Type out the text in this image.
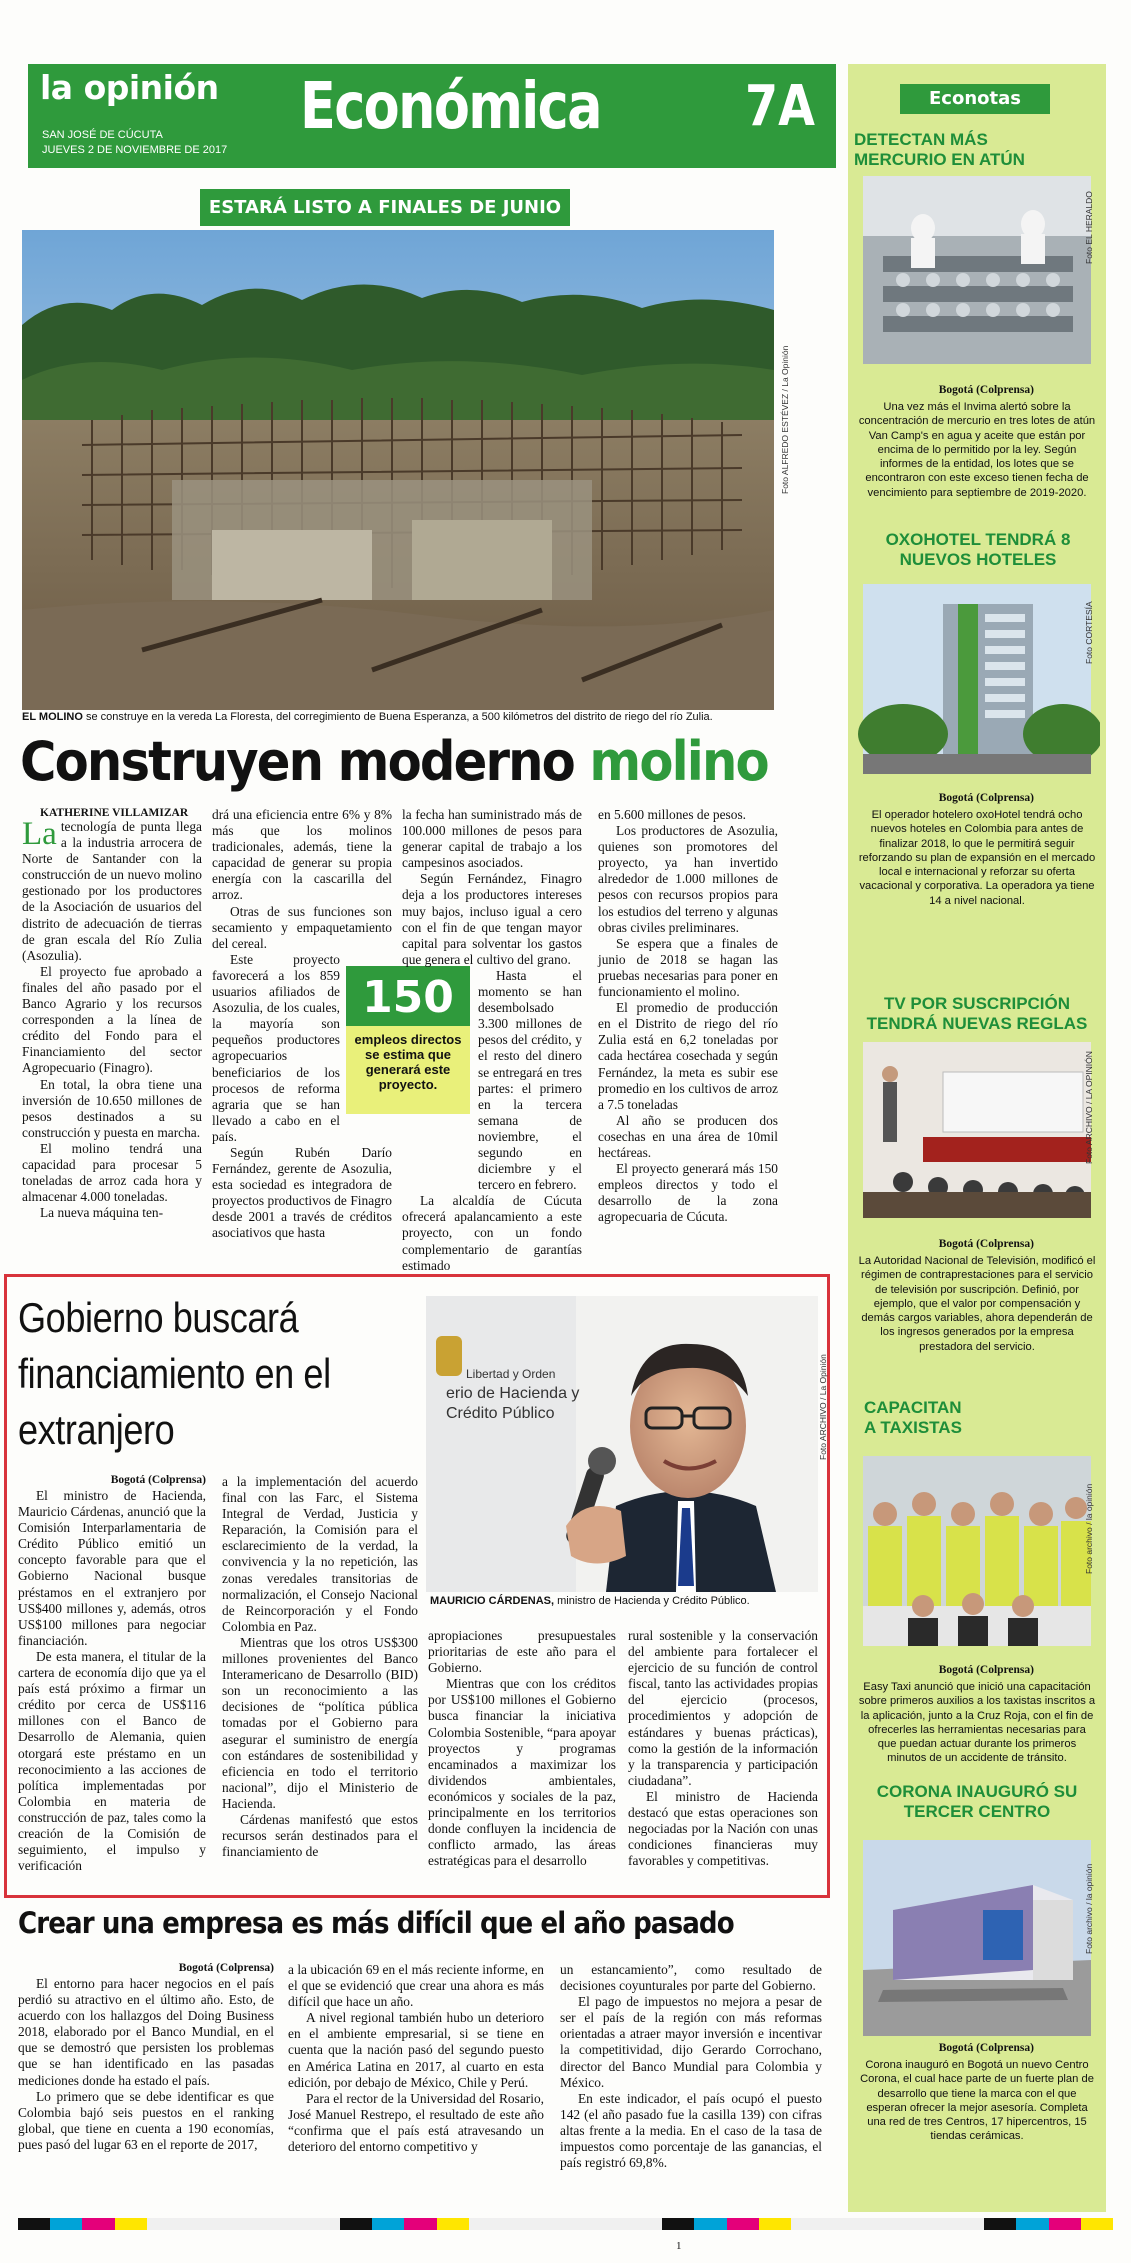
la opinión
SAN JOSÉ DE CÚCUTA
JUEVES 2 DE NOVIEMBRE DE 2017
Económica	7A
ESTARÁ LISTO A FINALES DE JUNIO
Foto ALFREDO ESTÉVEZ / La Opinión
EL MOLINO se construye en la vereda La Floresta, del corregimiento de Buena Esperanza, a 500 kilómetros del distrito de riego del río Zulia.
Construyen moderno molino
KATHERINE VILLAMIZAR
La tecnología de punta llega a la industria arrocera de Norte de Santander con la construcción de un nuevo molino gestionado por los productores de la Asociación de usuarios del distrito de adecuación de tierras de gran escala del Río Zulia (Asozulia).

El proyecto fue aprobado a finales del año pasado por el Banco Agrario y los recursos corresponden a la línea de crédito del Fondo para el Financiamiento del sector Agropecuario (Finagro).

En total, la obra tiene una inversión de 10.650 millones de pesos destinados a su construcción y puesta en marcha.

El molino tendrá una capacidad para procesar 5 toneladas de arroz cada hora y almacenar 4.000 toneladas.

La nueva máquina ten-

drá una eficiencia entre 6% y 8% más que los molinos tradicionales, además, tiene la capacidad de generar su propia energía con la cascarilla del arroz.

Otras de sus funciones son secamiento y empaquetamiento del cereal.

Este proyecto favorecerá a los 859 usuarios afiliados de Asozulia, de los cuales, la mayoría son pequeños productores agropecuarios beneficiarios de los procesos de reforma agraria que se han llevado a cabo en el país.

Según Rubén Darío Fernández, gerente de Asozulia, esta sociedad es integradora de proyectos productivos de Finagro desde 2001 a través de créditos asociativos que hasta

150
empleos directos se estima que generará este proyecto.

la fecha han suministrado más de 100.000 millones de pesos para generar capital de trabajo a los campesinos asociados.

Según Fernández, Finagro deja a los productores intereses muy bajos, incluso igual a cero con el fin de que tengan mayor capital para solventar los gastos que genera el cultivo del grano.

Hasta el momento se han desembolsado 3.300 millones de pesos del crédito, y el resto del dinero se entregará en tres partes: el primero en la tercera semana de noviembre, el segundo en diciembre y el tercero en febrero.

La alcaldía de Cúcuta ofrecerá apalancamiento a este proyecto, con un fondo complementario de garantías estimado

en 5.600 millones de pesos.

Los productores de Asozulia, quienes son promotores del proyecto, ya han invertido alrededor de 1.000 millones de pesos con recursos propios para los estudios del terreno y algunas obras civiles preliminares.

Se espera que a finales de junio de 2018 se hagan las pruebas necesarias para poner en funcionamiento el molino.

El promedio de producción en el Distrito de riego del río Zulia está en 6,2 toneladas por cada hectárea cosechada y según Fernández, la meta es subir ese promedio en los cultivos de arroz a 7.5 toneladas

Al año se producen dos cosechas en una área de 10mil hectáreas.

El proyecto generará más 150 empleos directos y todo el desarrollo de la zona agropecuaria de Cúcuta.

Gobierno buscará financiamiento en el extranjero
Libertad y Orden
erio de Hacienda y
Crédito Público	Foto ARCHIVO / La Opinión
MAURICIO CÁRDENAS, ministro de Hacienda y Crédito Público.
Bogotá (Colprensa)

El ministro de Hacienda, Mauricio Cárdenas, anunció que la Comisión Interparlamentaria de Crédito Público emitió un concepto favorable para que el Gobierno Nacional busque préstamos en el extranjero por US$400 millones y, además, otros US$100 millones para negociar financiación.

De esta manera, el titular de la cartera de economía dijo que ya el país está próximo a firmar un crédito por cerca de US$116 millones con el Banco de Desarrollo de Alemania, quien otorgará este préstamo en un reconocimiento a las acciones de política implementadas por Colombia en materia de construcción de paz, tales como la creación de la Comisión de seguimiento, el impulso y verificación

a la implementación del acuerdo final con las Farc, el Sistema Integral de Verdad, Justicia y Reparación, la Comisión para el esclarecimiento de la verdad, la convivencia y la no repetición, las zonas veredales transitorias de normalización, el Consejo Nacional de Reincorporación y el Fondo Colombia en Paz.

Mientras que los otros US$300 millones provenientes del Banco Interamericano de Desarrollo (BID) son un reconocimiento a las decisiones de “política pública tomadas por el Gobierno para asegurar el suministro de energía con estándares de sostenibilidad y eficiencia en todo el territorio nacional”, dijo el Ministerio de Hacienda.

Cárdenas manifestó que estos recursos serán destinados para el financiamiento de

apropiaciones presupuestales prioritarias de este año para el Gobierno.

Mientras que con los créditos por US$100 millones el Gobierno busca financiar la iniciativa Colombia Sostenible, “para apoyar proyectos y programas encaminados a maximizar los dividendos ambientales, económicos y sociales de la paz, principalmente en los territorios donde confluyen la incidencia de conflicto armado, las áreas estratégicas para el desarrollo

rural sostenible y la conservación del ambiente para fortalecer el ejercicio de su función de control fiscal, tanto las actividades propias del ejercicio (procesos, procedimientos y adopción de estándares y buenas prácticas), como la gestión de la información y la transparencia y participación ciudadana”.

El ministro de Hacienda destacó que estas operaciones son negociadas por la Nación con unas condiciones financieras muy favorables y competitivas.

Crear una empresa es más difícil que el año pasado
Bogotá (Colprensa)

El entorno para hacer negocios en el país perdió su atractivo en el último año. Esto, de acuerdo con los hallazgos del Doing Business 2018, elaborado por el Banco Mundial, en el que se demostró que persisten los problemas que se han identificado en las pasadas mediciones donde ha estado el país.

Lo primero que se debe identificar es que Colombia bajó seis puestos en el ranking global, que tiene en cuenta a 190 economías, pues pasó del lugar 63 en el reporte de 2017,

a la ubicación 69 en el más reciente informe, en el que se evidenció que crear una ahora es más difícil que hace un año.

A nivel regional también hubo un deterioro en el ambiente empresarial, si se tiene en cuenta que la nación pasó del segundo puesto en América Latina en 2017, al cuarto en esta edición, por debajo de México, Chile y Perú.

Para el rector de la Universidad del Rosario, José Manuel Restrepo, el resultado de este año “confirma que el país está atravesando un deterioro del entorno competitivo y

un estancamiento”, como resultado de decisiones coyunturales por parte del Gobierno.

El pago de impuestos no mejora a pesar de ser el país de la región con más reformas orientadas a atraer mayor inversión e incentivar la competitividad, dijo Gerardo Corrochano, director del Banco Mundial para Colombia y México.

En este indicador, el país ocupó el puesto 142 (el año pasado fue la casilla 139) con cifras altas frente a la media. En el caso de la tasa de impuestos como porcentaje de las ganancias, el país registró 69,8%.

Econotas
DETECTAN MÁS MERCURIO EN ATÚN
Foto EL HERALDO
Bogotá (Colprensa)
Una vez más el Invima alertó sobre la concentración de mercurio en tres lotes de atún Van Camp's en agua y aceite que están por encima de lo permitido por la ley. Según informes de la entidad, los lotes que se encontraron con este exceso tienen fecha de vencimiento para septiembre de 2019-2020.
OXOHOTEL TENDRÁ 8 NUEVOS HOTELES
Foto CORTESÍA
Bogotá (Colprensa)
El operador hotelero oxoHotel tendrá ocho nuevos hoteles en Colombia para antes de finalizar 2018, lo que le permitirá seguir reforzando su plan de expansión en el mercado local e internacional y reforzar su oferta vacacional y corporativa. La operadora ya tiene 14 a nivel nacional.
TV POR SUSCRIPCIÓN TENDRÁ NUEVAS REGLAS
Foto ARCHIVO / LA OPINIÓN
Bogotá (Colprensa)
La Autoridad Nacional de Televisión, modificó el régimen de contraprestaciones para el servicio de televisión por suscripción. Definió, por ejemplo, que el valor por compensación y demás cargos variables, ahora dependerán de los ingresos generados por la empresa prestadora del servicio.
CAPACITAN A TAXISTAS
Foto archivo / la opinión
Bogotá (Colprensa)
Easy Taxi anunció que inició una capacitación sobre primeros auxilios a los taxistas inscritos a la aplicación, junto a la Cruz Roja, con el fin de ofrecerles las herramientas necesarias para que puedan actuar durante los primeros minutos de un accidente de tránsito.
CORONA INAUGURÓ SU TERCER CENTRO
Foto archivo / la opinión
Bogotá (Colprensa)
Corona inauguró en Bogotá un nuevo Centro Corona, el cual hace parte de un fuerte plan de desarrollo que tiene la marca con el que esperan ofrecer la mejor asesoría. Completa una red de tres Centros, 17 hipercentros, 15 tiendas cerámicas.
1
